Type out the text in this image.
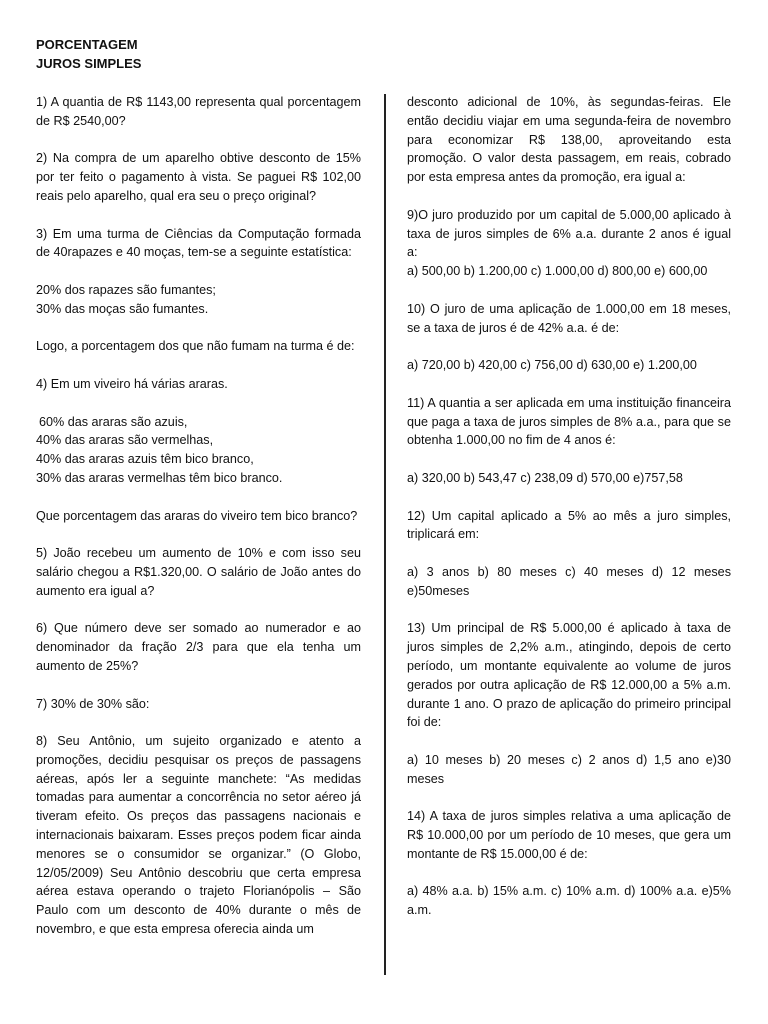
PORCENTAGEM
JUROS SIMPLES

1) A quantia de R$ 1143,00 representa qual porcentagem de R$ 2540,00?

2) Na compra de um aparelho obtive desconto de 15% por ter feito o pagamento à vista. Se paguei R$ 102,00 reais pelo aparelho, qual era seu o preço original?

3) Em uma turma de Ciências da Computação formada de 40rapazes e 40 moças, tem-se a seguinte estatística:

20% dos rapazes são fumantes;

30% das moças são fumantes.

Logo, a porcentagem dos que não fumam na turma é de:

4) Em um viveiro há várias araras.

60% das araras são azuis,

40% das araras são vermelhas,

40% das araras azuis têm bico branco,

30% das araras vermelhas têm bico branco.

Que porcentagem das araras do viveiro tem bico branco?

5) João recebeu um aumento de 10% e com isso seu salário chegou a R$1.320,00. O salário de João antes do aumento era igual a?

6) Que número deve ser somado ao numerador e ao denominador da fração 2/3 para que ela tenha um aumento de 25%?

7) 30% de 30% são:

8) Seu Antônio, um sujeito organizado e atento a promoções, decidiu pesquisar os preços de passagens aéreas, após ler a seguinte manchete: “As medidas tomadas para aumentar a concorrência no setor aéreo já tiveram efeito. Os preços das passagens nacionais e internacionais baixaram. Esses preços podem ficar ainda menores se o consumidor se organizar.” (O Globo, 12/05/2009) Seu Antônio descobriu que certa empresa aérea estava operando o trajeto Florianópolis – São Paulo com um desconto de 40% durante o mês de novembro, e que esta empresa oferecia ainda um

desconto adicional de 10%, às segundas-feiras. Ele então decidiu viajar em uma segunda-feira de novembro para economizar R$ 138,00, aproveitando esta promoção. O valor desta passagem, em reais, cobrado por esta empresa antes da promoção, era igual a:

9)O juro produzido por um capital de 5.000,00 aplicado à taxa de juros simples de 6% a.a. durante 2 anos é igual a:

a) 500,00 b) 1.200,00 c) 1.000,00 d) 800,00 e) 600,00

10) O juro de uma aplicação de 1.000,00 em 18 meses, se a taxa de juros é de 42% a.a. é de:

a) 720,00 b) 420,00 c) 756,00 d) 630,00 e) 1.200,00

11) A quantia a ser aplicada em uma instituição financeira que paga a taxa de juros simples de 8% a.a., para que se obtenha 1.000,00 no fim de 4 anos é:

a) 320,00 b) 543,47 c) 238,09 d) 570,00 e)757,58

12) Um capital aplicado a 5% ao mês a juro simples, triplicará em:

a) 3 anos b) 80 meses c) 40 meses d) 12 meses e)50meses

13) Um principal de R$ 5.000,00 é aplicado à taxa de juros simples de 2,2% a.m., atingindo, depois de certo período, um montante equivalente ao volume de juros gerados por outra aplicação de R$ 12.000,00 a 5% a.m. durante 1 ano. O prazo de aplicação do primeiro principal foi de:

a) 10 meses b) 20 meses c) 2 anos d) 1,5 ano e)30 meses

14) A taxa de juros simples relativa a uma aplicação de R$ 10.000,00 por um período de 10 meses, que gera um montante de R$ 15.000,00 é de:

a) 48% a.a. b) 15% a.m. c) 10% a.m. d) 100% a.a. e)5% a.m.
